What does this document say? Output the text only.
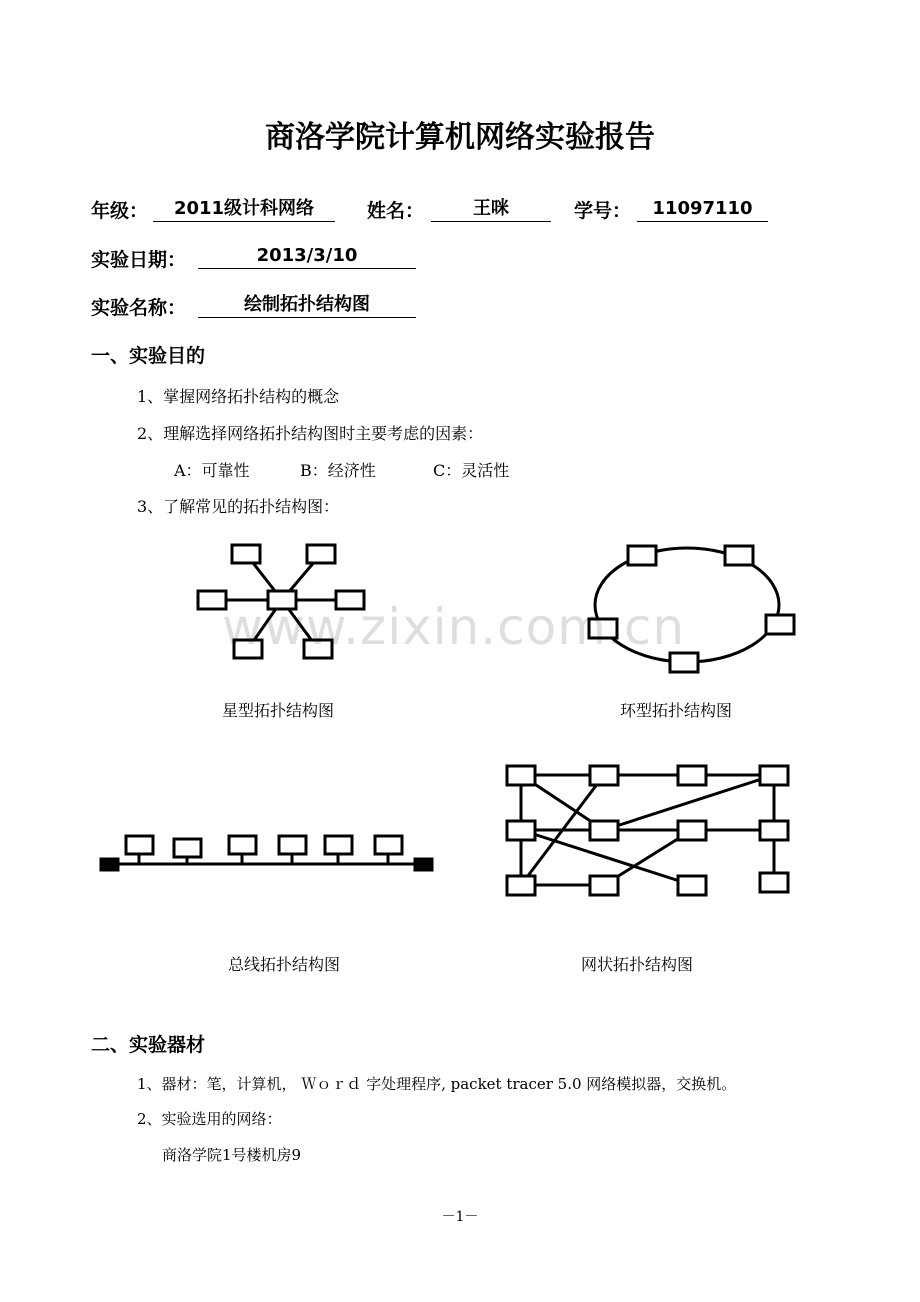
商洛学院计算机网络实验报告
年级：	2011级计科网络	姓名：	王咪	学号：	11097110
实验日期：	2013/3/10
实验名称：	绘制拓扑结构图
一、实验目的
1、掌握网络拓扑结构的概念
2、理解选择网络拓扑结构图时主要考虑的因素：
A：可靠性	B：经济性	C：灵活性
3、了解常见的拓扑结构图：
星型拓扑结构图	环型拓扑结构图
总线拓扑结构图	网状拓扑结构图
www.zixin.com.cn
二、实验器材
1、器材：笔，计算机， Ｗｏｒｄ 字处理程序, packet tracer 5.0 网络模拟器，交换机。
2、实验选用的网络：
商洛学院1号楼机房9
－1－
